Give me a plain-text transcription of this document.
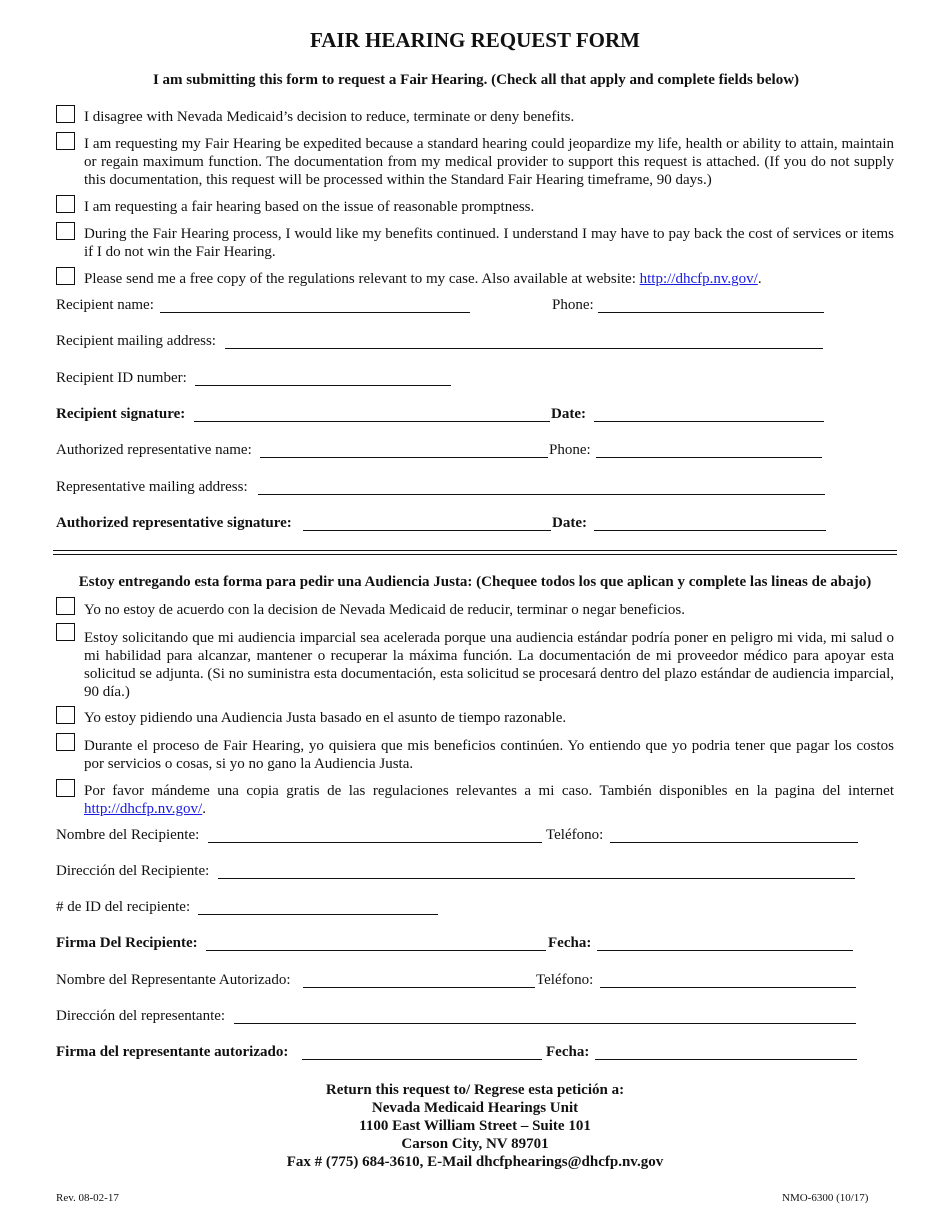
FAIR HEARING REQUEST FORM
I am submitting this form to request a Fair Hearing. (Check all that apply and complete fields below)
I disagree with Nevada Medicaid’s decision to reduce, terminate or deny benefits.
I am requesting my Fair Hearing be expedited because a standard hearing could jeopardize my life, health or ability to attain, maintain or regain maximum function. The documentation from my medical provider to support this request is attached. (If you do not supply this documentation, this request will be processed within the Standard Fair Hearing timeframe, 90 days.)
I am requesting a fair hearing based on the issue of reasonable promptness.
During the Fair Hearing process, I would like my benefits continued. I understand I may have to pay back the cost of services or items if I do not win the Fair Hearing.
Please send me a free copy of the regulations relevant to my case. Also available at website: http://dhcfp.nv.gov/.
Recipient name:	Phone:
Recipient mailing address:
Recipient ID number:
Recipient signature:	Date:
Authorized representative name:	Phone:
Representative mailing address:
Authorized representative signature:	Date:
Estoy entregando esta forma para pedir una Audiencia Justa: (Chequee todos los que aplican y complete las lineas de abajo)
Yo no estoy de acuerdo con la decision de Nevada Medicaid de reducir, terminar o negar beneficios.
Estoy solicitando que mi audiencia imparcial sea acelerada porque una audiencia estándar podría poner en peligro mi vida, mi salud o mi habilidad para alcanzar, mantener o recuperar la máxima función. La documentación de mi proveedor médico para apoyar esta solicitud se adjunta. (Si no suministra esta documentación, esta solicitud se procesará dentro del plazo estándar de audiencia imparcial, 90 día.)
Yo estoy pidiendo una Audiencia Justa basado en el asunto de tiempo razonable.
Durante el proceso de Fair Hearing, yo quisiera que mis beneficios continúen. Yo entiendo que yo podria tener que pagar los costos por servicios o cosas, si yo no gano la Audiencia Justa.
Por favor mándeme una copia gratis de las regulaciones relevantes a mi caso. También disponibles en la pagina del internet http://dhcfp.nv.gov/.
Nombre del Recipiente:	Teléfono:
Dirección del Recipiente:
# de ID del recipiente:
Firma Del Recipiente:	Fecha:
Nombre del Representante Autorizado:	Teléfono:
Dirección del representante:
Firma del representante autorizado:	Fecha:
Return this request to/ Regrese esta petición a:
Nevada Medicaid Hearings Unit
1100 East William Street – Suite 101
Carson City, NV 89701
Fax # (775) 684-3610, E-Mail dhcfphearings@dhcfp.nv.gov
Rev. 08-02-17	NMO-6300 (10/17)
